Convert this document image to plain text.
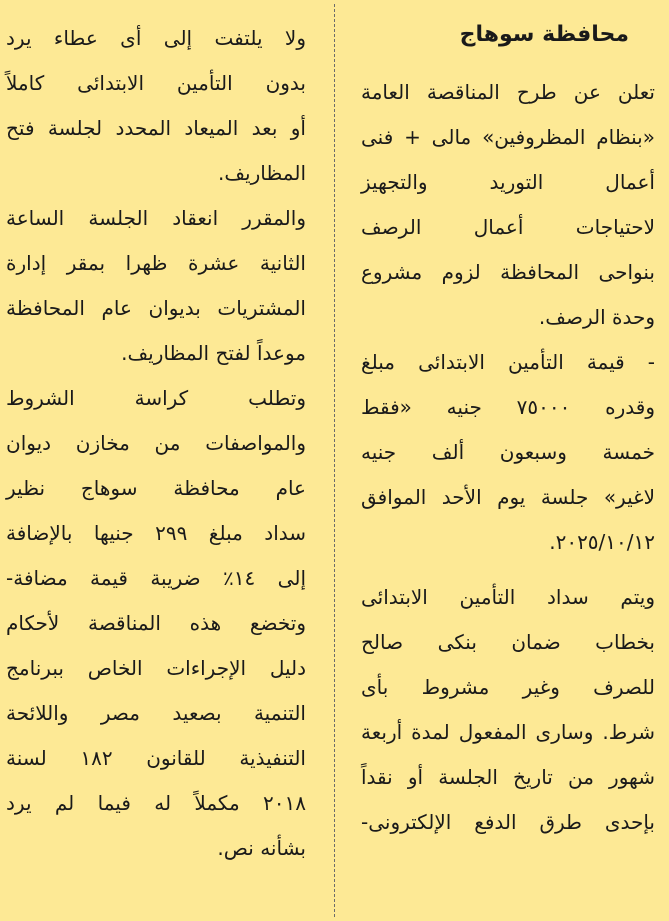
محافظة سوهاج
تعلن عن طرح المناقصة العامة
«بنظام المظروفين» مالى + فنى
أعمال التوريد والتجهيز
لاحتياجات أعمال الرصف
بنواحى المحافظة لزوم مشروع
وحدة الرصف.
- قيمة التأمين الابتدائى مبلغ
وقدره ٧٥٠٠٠ جنيه «فقط
خمسة وسبعون ألف جنيه
لاغير» جلسة يوم الأحد الموافق
٢٠٢٥/١٠/١٢.
ويتم سداد التأمين الابتدائى
بخطاب ضمان بنكى صالح
للصرف وغير مشروط بأى
شرط. وسارى المفعول لمدة أربعة
شهور من تاريخ الجلسة أو نقداً
بإحدى طرق الدفع الإلكترونى-
ولا يلتفت إلى أى عطاء يرد
بدون التأمين الابتدائى كاملاً
أو بعد الميعاد المحدد لجلسة فتح
المظاريف.
والمقرر انعقاد الجلسة الساعة
الثانية عشرة ظهرا بمقر إدارة
المشتريات بديوان عام المحافظة
موعداً لفتح المظاريف.
وتطلب كراسة الشروط
والمواصفات من مخازن ديوان
عام محافظة سوهاج نظير
سداد مبلغ ٢٩٩ جنيها بالإضافة
إلى ١٤٪ ضريبة قيمة مضافة-
وتخضع هذه المناقصة لأحكام
دليل الإجراءات الخاص ببرنامج
التنمية بصعيد مصر واللائحة
التنفيذية للقانون ١٨٢ لسنة
٢٠١٨ مكملاً له فيما لم يرد
بشأنه نص.
